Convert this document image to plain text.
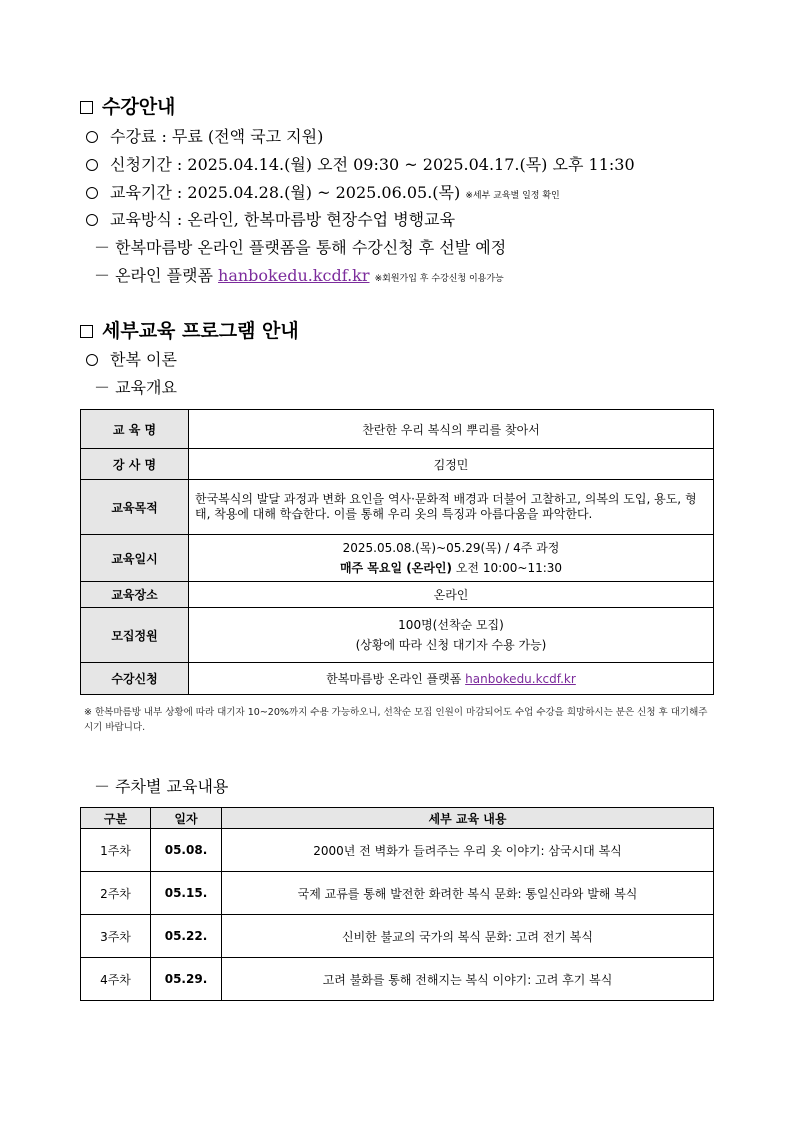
수강안내
수강료 : 무료 (전액 국고 지원)
신청기간 : 2025.04.14.(월) 오전 09:30 ~ 2025.04.17.(목) 오후 11:30
교육기간 : 2025.04.28.(월) ~ 2025.06.05.(목) ※세부 교육별 일정 확인
교육방식 : 온라인, 한복마름방 현장수업 병행교육
－ 한복마름방 온라인 플랫폼을 통해 수강신청 후 선발 예정
－ 온라인 플랫폼 hanbokedu.kcdf.kr ※회원가입 후 수강신청 이용가능
세부교육 프로그램 안내
한복 이론
－ 교육개요
교 육 명	찬란한 우리 복식의 뿌리를 찾아서
강 사 명	김정민
교육목적	한국복식의 발달 과정과 변화 요인을 역사·문화적 배경과 더불어 고찰하고, 의복의 도입, 용도, 형태, 착용에 대해 학습한다. 이를 통해 우리 옷의 특징과 아름다움을 파악한다.
교육일시	2025.05.08.(목)~05.29(목) / 4주 과정
매주 목요일 (온라인) 오전 10:00~11:30

교육장소	온라인
모집정원	100명(선착순 모집)
(상황에 따라 신청 대기자 수용 가능)

수강신청	한복마름방 온라인 플랫폼 hanbokedu.kcdf.kr
※ 한복마름방 내부 상황에 따라 대기자 10~20%까지 수용 가능하오니, 선착순 모집 인원이 마감되어도 수업 수강을 희망하시는 분은 신청 후 대기해주시기 바랍니다.
－ 주차별 교육내용
구분	일자	세부 교육 내용
1주차	05.08.	2000년 전 벽화가 들려주는 우리 옷 이야기: 삼국시대 복식
2주차	05.15.	국제 교류를 통해 발전한 화려한 복식 문화: 통일신라와 발해 복식
3주차	05.22.	신비한 불교의 국가의 복식 문화: 고려 전기 복식
4주차	05.29.	고려 불화를 통해 전해지는 복식 이야기: 고려 후기 복식
